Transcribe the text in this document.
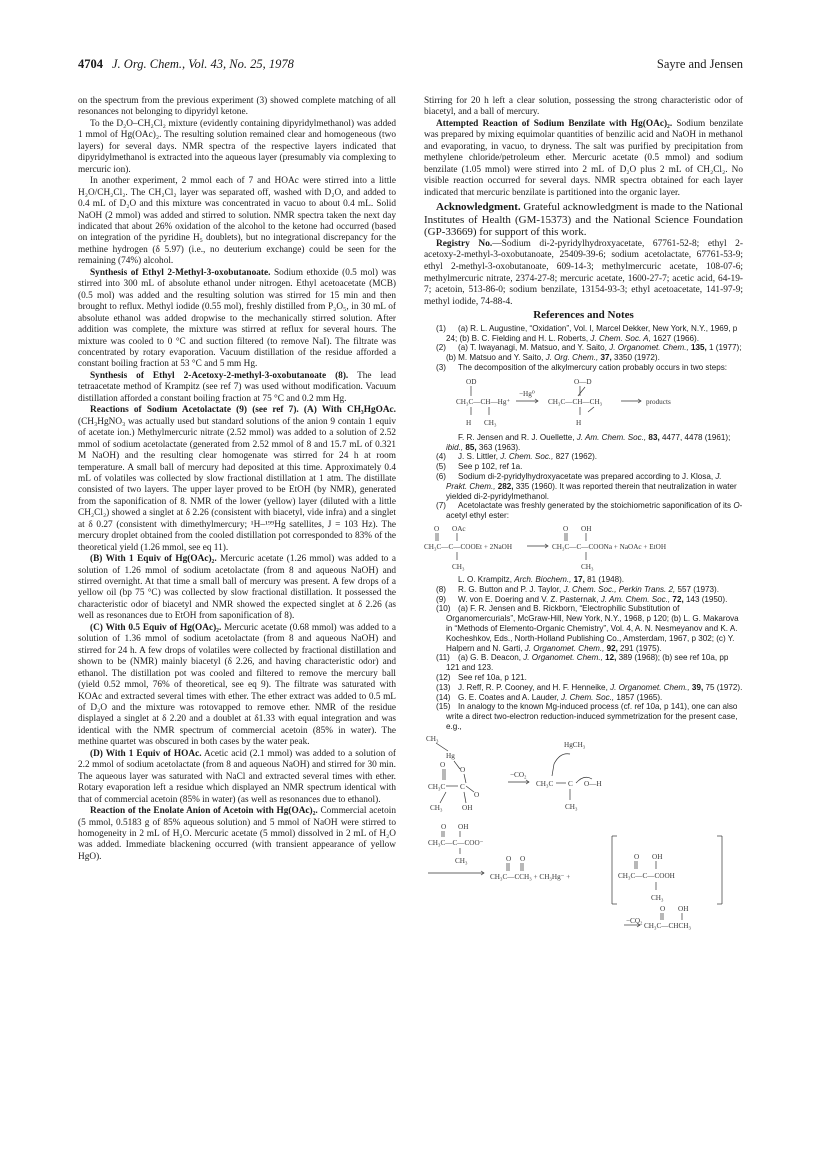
4704 J. Org. Chem., Vol. 43, No. 25, 1978	Sayre and Jensen

on the spectrum from the previous experiment (3) showed complete matching of all resonances not belonging to dipyridyl ketone.

To the D₂O–CH₂Cl₂ mixture (evidently containing dipyridylmethanol) was added 1 mmol of Hg(OAc)₂. The resulting solution remained clear and homogeneous (two layers) for several days. NMR spectra of the respective layers indicated that dipyridylmethanol is extracted into the aqueous layer (presumably via complexing to mercuric ion).

In another experiment, 2 mmol each of 7 and HOAc were stirred into a little H₂O/CH₂Cl₂. The CH₂Cl₂ layer was separated off, washed with D₂O, and added to 0.4 mL of D₂O and this mixture was concentrated in vacuo to about 0.4 mL. Solid NaOH (2 mmol) was added and stirred to solution. NMR spectra taken the next day indicated that about 26% oxidation of the alcohol to the ketone had occurred (based on integration of the pyridine H₅ doublets), but no integrational discrepancy for the methine hydrogen (δ 5.97) (i.e., no deuterium exchange) could be seen for the remaining (74%) alcohol.

Synthesis of Ethyl 2-Methyl-3-oxobutanoate. Sodium ethoxide (0.5 mol) was stirred into 300 mL of absolute ethanol under nitrogen. Ethyl acetoacetate (MCB) (0.5 mol) was added and the resulting solution was stirred for 15 min and then brought to reflux. Methyl iodide (0.55 mol), freshly distilled from P₂O₅, in 30 mL of absolute ethanol was added dropwise to the mechanically stirred solution. After addition was complete, the mixture was stirred at reflux for several hours. The mixture was cooled to 0 °C and suction filtered (to remove NaI). The filtrate was concentrated by rotary evaporation. Vacuum distillation of the residue afforded a constant boiling fraction at 53 °C and 5 mm Hg.

Synthesis of Ethyl 2-Acetoxy-2-methyl-3-oxobutanoate (8). The lead tetraacetate method of Krampitz (see ref 7) was used without modification. Vacuum distillation afforded a constant boiling fraction at 75 °C and 0.2 mm Hg.

Reactions of Sodium Acetolactate (9) (see ref 7). (A) With CH₃HgOAc. (CH₃HgNO₃ was actually used but standard solutions of the anion 9 contain 1 equiv of acetate ion.) Methylmercuric nitrate (2.52 mmol) was added to a solution of 2.52 mmol of sodium acetolactate (generated from 2.52 mmol of 8 and 15.7 mL of 0.321 M NaOH) and the resulting clear homogenate was stirred for 24 h at room temperature. A small ball of mercury had deposited at this time. Approximately 0.4 mL of volatiles was collected by slow fractional distillation at 1 atm. The distillate consisted of two layers. The upper layer proved to be EtOH (by NMR), generated from the saponification of 8. NMR of the lower (yellow) layer (diluted with a little CH₂Cl₂) showed a singlet at δ 2.26 (consistent with biacetyl, vide infra) and a singlet at δ 0.27 (consistent with dimethylmercury; ¹H–¹⁹⁹Hg satellites, J = 103 Hz). The mercury droplet obtained from the cooled distillation pot corresponded to 83% of the theoretical yield (1.26 mmol, see eq 11).

(B) With 1 Equiv of Hg(OAc)₂. Mercuric acetate (1.26 mmol) was added to a solution of 1.26 mmol of sodium acetolactate (from 8 and aqueous NaOH) and stirred overnight. At that time a small ball of mercury was present. A few drops of a yellow oil (bp 75 °C) was collected by slow fractional distillation. It possessed the characteristic odor of biacetyl and NMR showed the expected singlet at δ 2.26 (as well as resonances due to EtOH from saponification of 8).

(C) With 0.5 Equiv of Hg(OAc)₂. Mercuric acetate (0.68 mmol) was added to a solution of 1.36 mmol of sodium acetolactate (from 8 and aqueous NaOH) and stirred for 24 h. A few drops of volatiles were collected by fractional distillation and shown to be (NMR) mainly biacetyl (δ 2.26, and having characteristic odor) and ethanol. The distillation pot was cooled and filtered to remove the mercury ball (yield 0.52 mmol, 76% of theoretical, see eq 9). The filtrate was saturated with KOAc and extracted several times with ether. The ether extract was added to 0.5 mL of D₂O and the mixture was rotovapped to remove ether. NMR of the residue displayed a singlet at δ 2.20 and a doublet at δ1.33 with equal integration and was identical with the NMR spectrum of commercial acetoin (85% in water). The methine quartet was obscured in both cases by the water peak.

(D) With 1 Equiv of HOAc. Acetic acid (2.1 mmol) was added to a solution of 2.2 mmol of sodium acetolactate (from 8 and aqueous NaOH) and stirred for 30 min. The aqueous layer was saturated with NaCl and extracted several times with ether. Rotary evaporation left a residue which displayed an NMR spectrum identical with that of commercial acetoin (85% in water) (as well as resonances due to ethanol).

Reaction of the Enolate Anion of Acetoin with Hg(OAc)₂. Commercial acetoin (5 mmol, 0.5183 g of 85% aqueous solution) and 5 mmol of NaOH were stirred to homogeneity in 2 mL of H₂O. Mercuric acetate (5 mmol) dissolved in 2 mL of H₂O was added. Immediate blackening occurred (with transient appearance of yellow HgO).

Stirring for 20 h left a clear solution, possessing the strong characteristic odor of biacetyl, and a ball of mercury.

Attempted Reaction of Sodium Benzilate with Hg(OAc)₂. Sodium benzilate was prepared by mixing equimolar quantities of benzilic acid and NaOH in methanol and evaporating, in vacuo, to dryness. The salt was purified by precipitation from methylene chloride/petroleum ether. Mercuric acetate (0.5 mmol) and sodium benzilate (1.05 mmol) were stirred into 2 mL of D₂O plus 2 mL of CH₂Cl₂. No visible reaction occurred for several days. NMR spectra obtained for each layer indicated that mercuric benzilate is partitioned into the organic layer.

Acknowledgment. Grateful acknowledgment is made to the National Institutes of Health (GM-15373) and the National Science Foundation (GP-33669) for support of this work.

Registry No.—Sodium di-2-pyridylhydroxyacetate, 67761-52-8; ethyl 2-acetoxy-2-methyl-3-oxobutanoate, 25409-39-6; sodium acetolactate, 67761-53-9; ethyl 2-methyl-3-oxobutanoate, 609-14-3; methylmercuric acetate, 108-07-6; methylmercuric nitrate, 2374-27-8; mercuric acetate, 1600-27-7; acetic acid, 64-19-7; acetoin, 513-86-0; sodium benzilate, 13154-93-3; ethyl acetoacetate, 141-97-9; methyl iodide, 74-88-4.

References and Notes

(1) (a) R. L. Augustine, “Oxidation”, Vol. I, Marcel Dekker, New York, N.Y., 1969, p 24; (b) B. C. Fielding and H. L. Roberts, J. Chem. Soc. A, 1627 (1966).

(2) (a) T. Iwayanagi, M. Matsuo, and Y. Saito, J. Organomet. Chem., 135, 1 (1977); (b) M. Matsuo and Y. Saito, J. Org. Chem., 37, 3350 (1972).

(3) The decomposition of the alkylmercury cation probably occurs in two steps:

OD
CH₃C—CH—Hg⁺
H CH₃
−Hg⁰
O—D
CH₃C—CH—CH₃
H
products

F. R. Jensen and R. J. Ouellette, J. Am. Chem. Soc., 83, 4477, 4478 (1961); ibid., 85, 363 (1963).

(4) J. S. Littler, J. Chem. Soc., 827 (1962).

(5) See p 102, ref 1a.

(6) Sodium di-2-pyridylhydroxyacetate was prepared according to J. Klosa, J. Prakt. Chem., 282, 335 (1960). It was reported therein that neutralization in water yielded di-2-pyridylmethanol.

(7) Acetolactate was freshly generated by the stoichiometric saponification of its O-acetyl ethyl ester:

O OAc
CH₃C—C—COOEt + 2NaOH
CH₃
O OH
CH₃C—C—COONa + NaOAc + EtOH
CH₃

L. O. Krampitz, Arch. Biochem., 17, 81 (1948).

(8) R. G. Button and P. J. Taylor, J. Chem. Soc., Perkin Trans. 2, 557 (1973).

(9) W. von E. Doering and V. Z. Pasternak, J. Am. Chem. Soc., 72, 143 (1950).

(10) (a) F. R. Jensen and B. Rickborn, “Electrophilic Substitution of Organomercurials”, McGraw-Hill, New York, N.Y., 1968, p 120; (b) L. G. Makarova in “Methods of Elemento-Organic Chemistry”, Vol. 4, A. N. Nesmeyanov and K. A. Kocheshkov, Eds., North-Holland Publishing Co., Amsterdam, 1967, p 302; (c) Y. Halpern and N. Garti, J. Organomet. Chem., 92, 291 (1975).

(11) (a) G. B. Deacon, J. Organomet. Chem., 12, 389 (1968); (b) see ref 10a, pp 121 and 123.

(12) See ref 10a, p 121.

(13) J. Reff, R. P. Cooney, and H. F. Henneike, J. Organomet. Chem., 39, 75 (1972).

(14) G. E. Coates and A. Lauder, J. Chem. Soc., 1857 (1965).

(15) In analogy to the known Mg-induced process (cf. ref 10a, p 141), one can also write a direct two-electron reduction-induced symmetrization for the present case, e.g.,

CH₃
Hg
O
O
CH₃C C
O
CH₃	OH
−CO₂
HgCH₃
CH₃C C O—H
CH₃
O OH
CH₃C—C—COO⁻
CH₃	O O
CH₃C—CCH₃ + CH₃Hg⁻ +
O OH
CH₃C—C—COOH
CH₃
O OH
−CO₂
CH₃C—CHCH₃
